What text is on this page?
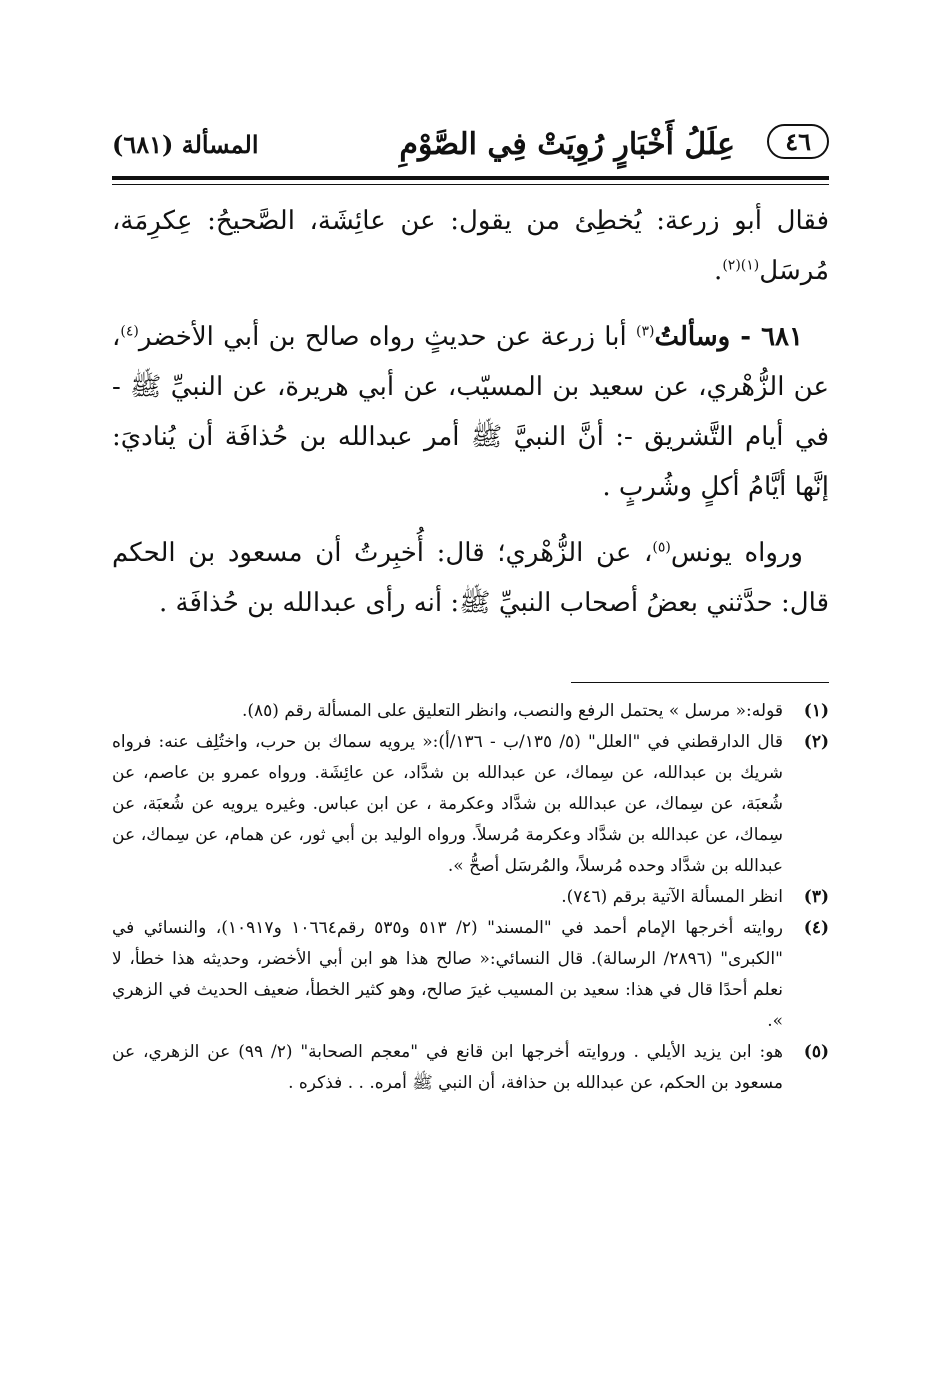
عِلَلُ أَخْبَارٍ رُوِيَتْ فِي الصَّوْمِ
المسألة (٦٨١)	٤٦

فقال أبو زرعة: يُخطِئ من يقول: عن عائِشَة، الصَّحيحُ: عِكرِمَة، مُرسَل$^{(١)(٢)}$.

٦٨١ - وسألتُ$^{(٣)}$ أبا زرعة عن حديثٍ رواه صالح بن أبي الأخضر$^{(٤)}$، عن الزُّهْري، عن سعيد بن المسيّب، عن أبي هريرة، عن النبيِّ ﷺ - في أيام التَّشريق -: أنَّ النبيَّ ﷺ أمر عبدالله بن حُذافَة أن يُناديَ: إنَّها أيَّامُ أكلٍ وشُربٍ .

ورواه يونس$^{(٥)}$، عن الزُّهْري؛ قال: أُخبِرتُ أن مسعود بن الحكم قال: حدَّثني بعضُ أصحاب النبيِّ ﷺ: أنه رأى عبدالله بن حُذافَة .

(١)
قوله:« مرسل » يحتمل الرفع والنصب، وانظر التعليق على المسألة رقم (٨٥).
(٢)
قال الدارقطني في "العلل" (٥/ ١٣٥/ب - ١٣٦/أ):« يرويه سماك بن حرب، واختُلِف عنه: فرواه شريك بن عبدالله، عن سِماك، عن عبدالله بن شدَّاد، عن عائِشَة. ورواه عمرو بن عاصم، عن شُعبَة، عن سِماك، عن عبدالله بن شدَّاد وعكرمة ، عن ابن عباس. وغيره يرويه عن شُعبَة، عن سِماك، عن عبدالله بن شدَّاد وعكرمة مُرسلاً. ورواه الوليد بن أبي ثور، عن همام، عن سِماك، عن عبدالله بن شدَّاد وحده مُرسلاً، والمُرسَل أصحُّ ».
(٣)
انظر المسألة الآتية برقم (٧٤٦).
(٤)
روايته أخرجها الإمام أحمد في "المسند" (٢/ ٥١٣ و٥٣٥ رقم١٠٦٦٤ و١٠٩١٧)، والنسائي في "الكبرى" (٢٨٩٦/ الرسالة). قال النسائي:« صالح هذا هو ابن أبي الأخضر، وحديثه هذا خطأ، لا نعلم أحدًا قال في هذا: سعيد بن المسيب غيرَ صالح، وهو كثير الخطأ، ضعيف الحديث في الزهري ».
(٥)
هو: ابن يزيد الأيلي . وروايته أخرجها ابن قانع في "معجم الصحابة" (٢/ ٩٩) عن الزهري، عن مسعود بن الحكم، عن عبدالله بن حذافة، أن النبي ﷺ أمره. . . فذكره .
